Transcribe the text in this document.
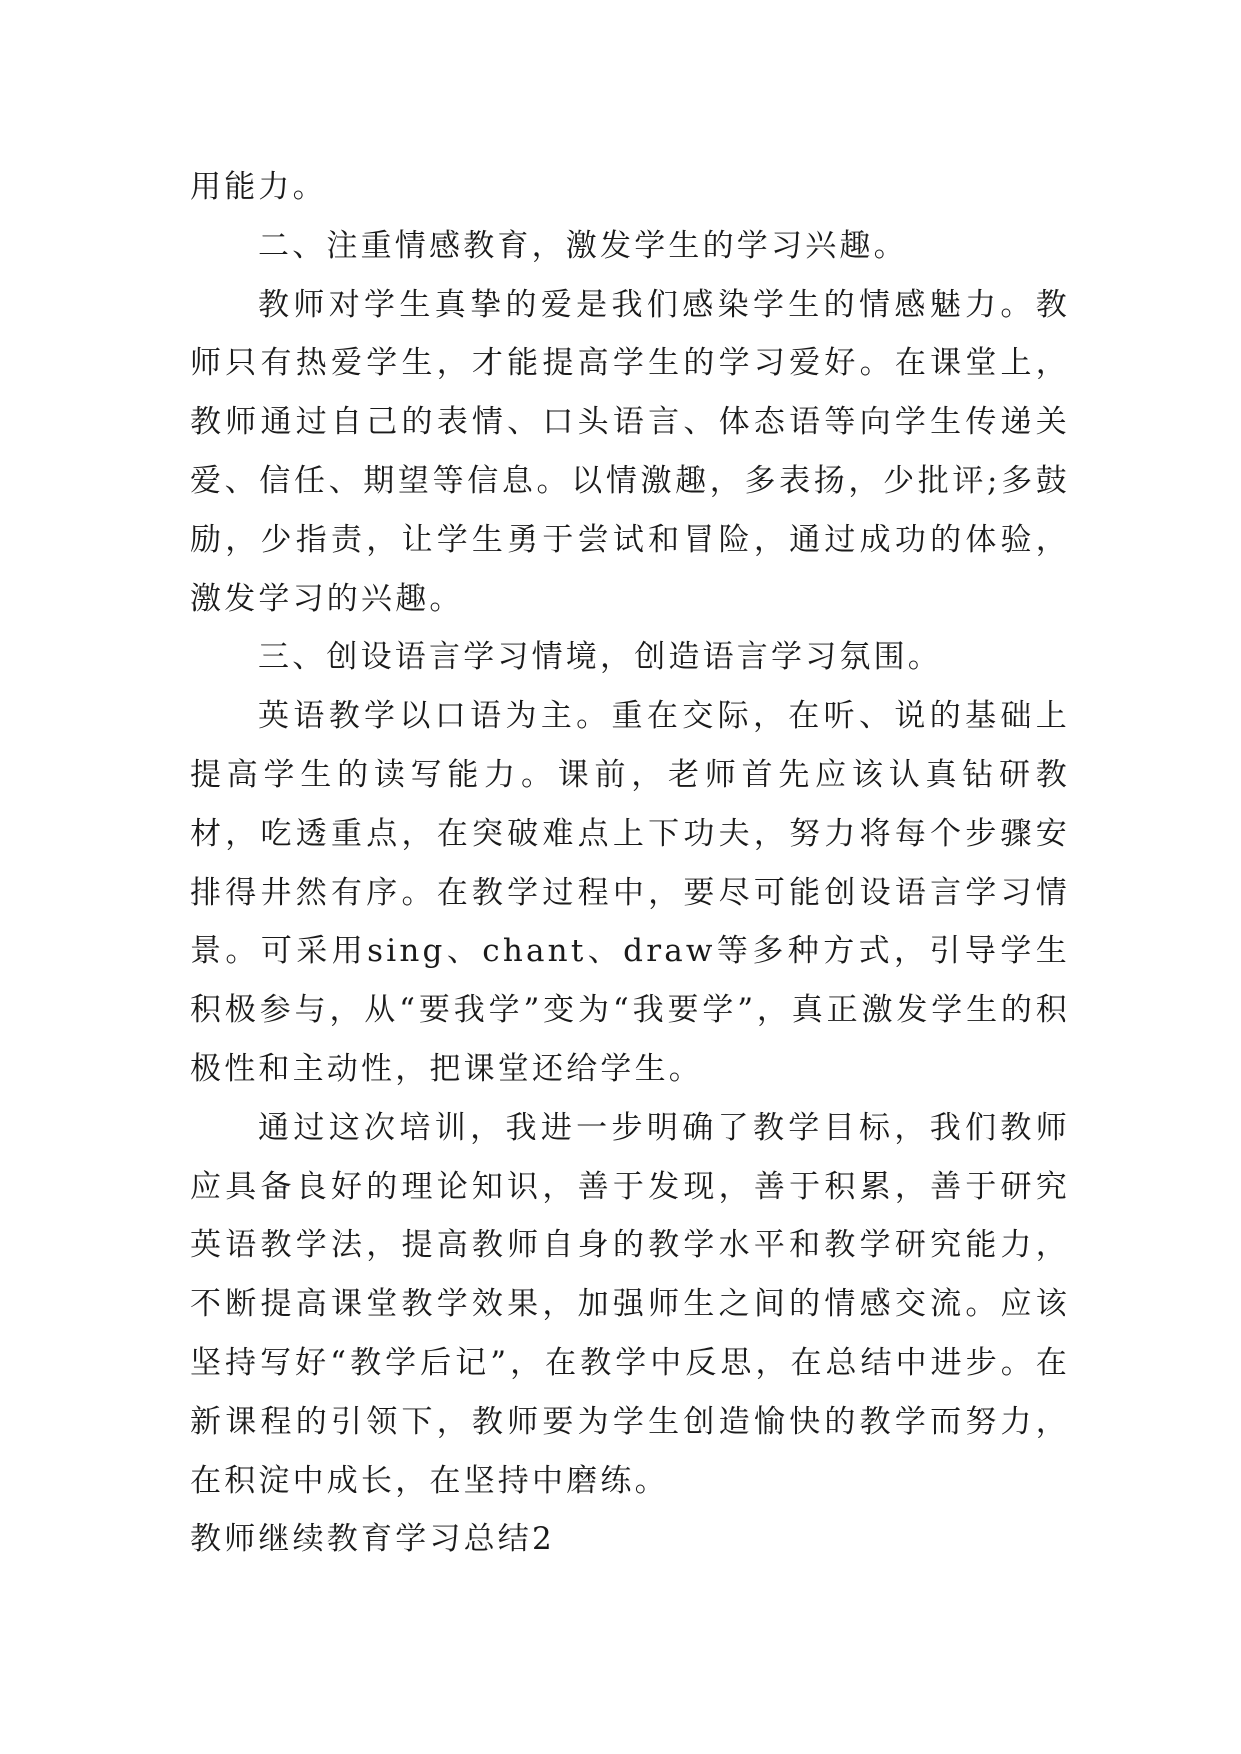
用能力。

二、注重情感教育，激发学生的学习兴趣。

教师对学生真挚的爱是我们感染学生的情感魅力。教师只有热爱学生，才能提高学生的学习爱好。在课堂上，教师通过自己的表情、口头语言、体态语等向学生传递关爱、信任、期望等信息。以情激趣，多表扬，少批评;多鼓励，少指责，让学生勇于尝试和冒险，通过成功的体验，激发学习的兴趣。

三、创设语言学习情境，创造语言学习氛围。

英语教学以口语为主。重在交际，在听、说的基础上提高学生的读写能力。课前，老师首先应该认真钻研教材，吃透重点，在突破难点上下功夫，努力将每个步骤安排得井然有序。在教学过程中，要尽可能创设语言学习情景。可采用sing、chant、draw等多种方式，引导学生积极参与，从“要我学”变为“我要学”，真正激发学生的积极性和主动性，把课堂还给学生。

通过这次培训，我进一步明确了教学目标，我们教师应具备良好的理论知识，善于发现，善于积累，善于研究英语教学法，提高教师自身的教学水平和教学研究能力，不断提高课堂教学效果，加强师生之间的情感交流。应该坚持写好“教学后记”，在教学中反思，在总结中进步。在新课程的引领下，教师要为学生创造愉快的教学而努力，在积淀中成长，在坚持中磨练。

教师继续教育学习总结2
